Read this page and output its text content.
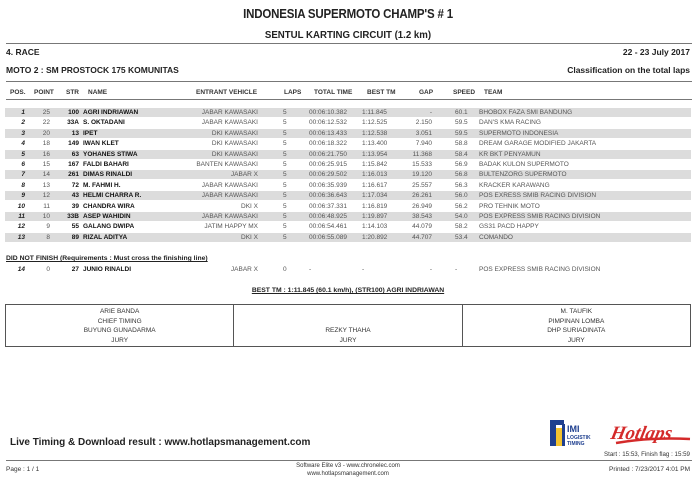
INDONESIA SUPERMOTO CHAMP'S # 1
SENTUL KARTING CIRCUIT (1.2 km)
4. RACE	22 - 23 July 2017
MOTO 2 : SM PROSTOCK 175 KOMUNITAS	Classification on the total laps
POS. POINT STR NAME	ENTRANT VEHICLE	LAPS TOTAL TIME BEST TM	GAP	SPEED TEAM
1	25	100 AGRI INDRIAWAN	JABAR KAWASAKI	5	00:06:10.382 1:11.845	-	60.1 BHOBOX FAZA SMI BANDUNG
2	22	33A S. OKTADANI	JABAR KAWASAKI	5	00:06:12.532 1:12.525	2.150	59.5 DAN'S KMA RACING
3	20	13 IPET	DKI KAWASAKI	5	00:06:13.433 1:12.538	3.051	59.5 SUPERMOTO INDONESIA
4	18	149 IWAN KLET	DKI KAWASAKI	5	00:06:18.322 1:13.400	7.940	58.8 DREAM GARAGE MODIFIED JAKARTA
5	16	63 YOHANES STIWA	DKI KAWASAKI	5	00:06:21.750 1:13.954	11.368	58.4 KR BKT PENYAMUN
6	15	167 FALDI BAHARI	BANTEN KAWASAKI	5	00:06:25.915 1:15.842	15.533	56.9 BADAK KULON SUPERMOTO
7	14	261 DIMAS RINALDI	JABAR X	5	00:06:29.502 1:16.013	19.120	56.8 BULTENZORG SUPERMOTO
8	13	72 M. FAHMI H.	JABAR KAWASAKI	5	00:06:35.939 1:16.617	25.557	56.3 KRACKER KARAWANG
9	12	43 HELMI CHARRA R.	JABAR KAWASAKI	5	00:06:36.643 1:17.034	26.261	56.0 POS EXRESS SMIB RACING DIVISION
10	11	39 CHANDRA WIRA	DKI X	5	00:06:37.331 1:16.819	26.949	56.2 PRO TEHNIK MOTO
11	10	33B ASEP WAHIDIN	JABAR KAWASAKI	5	00:06:48.925 1:19.897	38.543	54.0 POS EXPRESS SMIB RACING DIVISION
12	9	55 GALANG DWIPA	JATIM HAPPY MX	5	00:06:54.461 1:14.103	44.079	58.2 GS31 PACD HAPPY
13	8	89 RIZAL ADITYA	DKI X	5	00:06:55.089 1:20.892	44.707	53.4 COMANDO
DID NOT FINISH (Requirements : Must cross the finishing line)
14	0	27 JUNIO RINALDI	JABAR X	0	-	-	-	-	POS EXPRESS SMIB RACING DIVISION
BEST TM : 1:11.845 (60.1 km/h), (STR100) AGRI INDRIAWAN
ARIE BANDA
CHIEF TIMING
BUYUNG GUNADARMA
JURY
REZKY THAHA
JURY
M. TAUFIK
PIMPINAN LOMBA
DHP SURIADINATA
JURY
Live Timing & Download result : www.hotlapsmanagement.com
IMI
LOGISTIK
TIMING
Hotlaps
Start : 15:53, Finish flag : 15:59
Page : 1 / 1	Software Elite v3 - www.chronelec.com
www.hotlapsmanagement.com
Printed : 7/23/2017 4:01 PM
